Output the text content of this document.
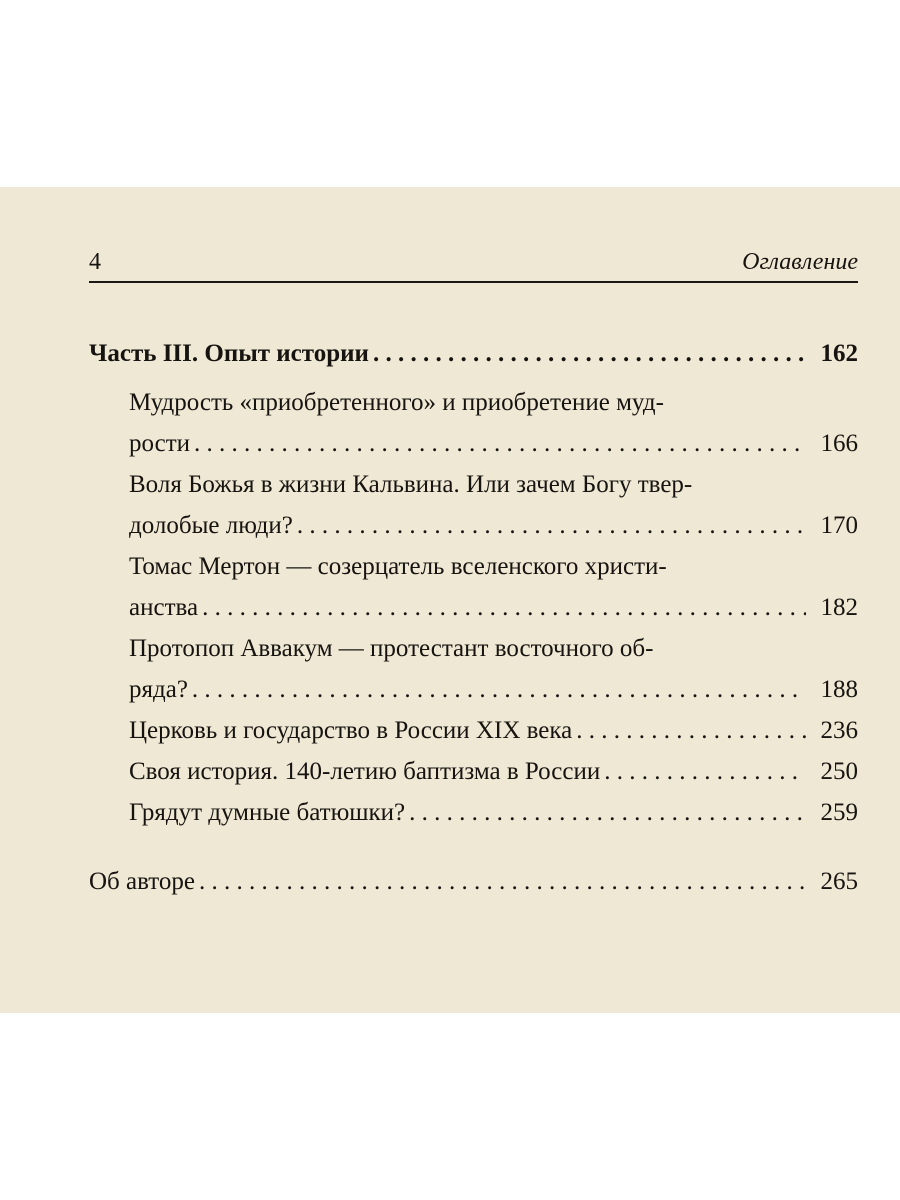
4	Оглавление
Часть III. Опыт истории . . .	162
Мудрость «приобретенного» и приобретение муд-
рости . . .	166
Воля Божья в жизни Кальвина. Или зачем Богу твер-
долобые люди? . . .	170
Томас Мертон — созерцатель вселенского христи-
анства . . .	182
Протопоп Аввакум — протестант восточного об-
ряда? . . .	188
Церковь и государство в России XIX века . . .	236
Своя история. 140-летию баптизма в России . . .	250
Грядут думные батюшки? . . .	259
Об авторе . . .	265
